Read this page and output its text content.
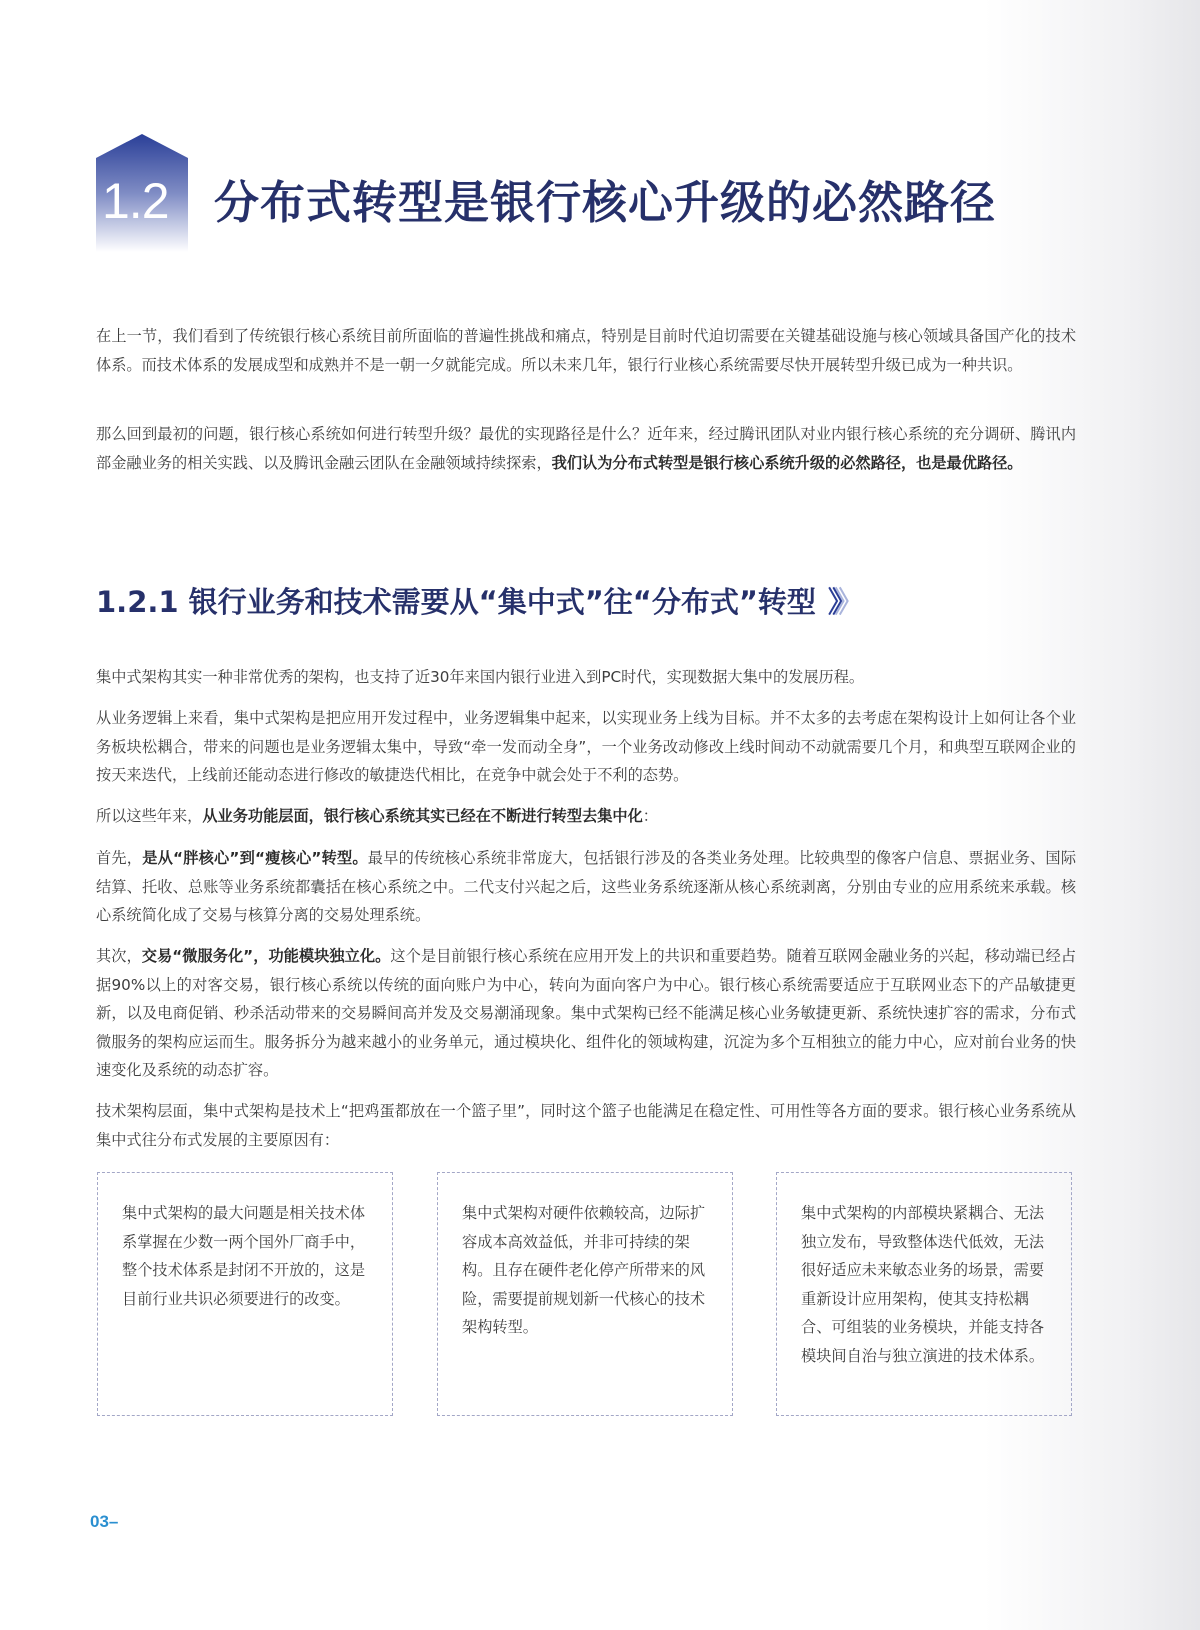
1.2 分布式转型是银行核心升级的必然路径
在上一节，我们看到了传统银行核心系统目前所面临的普遍性挑战和痛点，特别是目前时代迫切需要在关键基础设施与核心领域具备国产化的技术体系。而技术体系的发展成型和成熟并不是一朝一夕就能完成。所以未来几年，银行行业核心系统需要尽快开展转型升级已成为一种共识。
那么回到最初的问题，银行核心系统如何进行转型升级？最优的实现路径是什么？近年来，经过腾讯团队对业内银行核心系统的充分调研、腾讯内部金融业务的相关实践、以及腾讯金融云团队在金融领域持续探索，我们认为分布式转型是银行核心系统升级的必然路径，也是最优路径。
1.2.1 银行业务和技术需要从“集中式”往“分布式”转型 》》
集中式架构其实一种非常优秀的架构，也支持了近30年来国内银行业进入到PC时代，实现数据大集中的发展历程。
从业务逻辑上来看，集中式架构是把应用开发过程中，业务逻辑集中起来，以实现业务上线为目标。并不太多的去考虑在架构设计上如何让各个业务板块松耦合，带来的问题也是业务逻辑太集中，导致“牵一发而动全身”，一个业务改动修改上线时间动不动就需要几个月，和典型互联网企业的按天来迭代，上线前还能动态进行修改的敏捷迭代相比，在竞争中就会处于不利的态势。
所以这些年来，从业务功能层面，银行核心系统其实已经在不断进行转型去集中化：
首先，是从“胖核心”到“瘦核心”转型。最早的传统核心系统非常庞大，包括银行涉及的各类业务处理。比较典型的像客户信息、票据业务、国际结算、托收、总账等业务系统都囊括在核心系统之中。二代支付兴起之后，这些业务系统逐渐从核心系统剥离，分别由专业的应用系统来承载。核心系统简化成了交易与核算分离的交易处理系统。
其次，交易“微服务化”，功能模块独立化。这个是目前银行核心系统在应用开发上的共识和重要趋势。随着互联网金融业务的兴起，移动端已经占据90%以上的对客交易，银行核心系统以传统的面向账户为中心，转向为面向客户为中心。银行核心系统需要适应于互联网业态下的产品敏捷更新，以及电商促销、秒杀活动带来的交易瞬间高并发及交易潮涌现象。集中式架构已经不能满足核心业务敏捷更新、系统快速扩容的需求，分布式微服务的架构应运而生。服务拆分为越来越小的业务单元，通过模块化、组件化的领域构建，沉淀为多个互相独立的能力中心，应对前台业务的快速变化及系统的动态扩容。
技术架构层面，集中式架构是技术上“把鸡蛋都放在一个篮子里”，同时这个篮子也能满足在稳定性、可用性等各方面的要求。银行核心业务系统从集中式往分布式发展的主要原因有：
集中式架构的最大问题是相关技术体系掌握在少数一两个国外厂商手中，整个技术体系是封闭不开放的，这是目前行业共识必须要进行的改变。
集中式架构对硬件依赖较高，边际扩容成本高效益低，并非可持续的架构。且存在硬件老化停产所带来的风险，需要提前规划新一代核心的技术架构转型。
集中式架构的内部模块紧耦合、无法独立发布，导致整体迭代低效，无法很好适应未来敏态业务的场景，需要重新设计应用架构，使其支持松耦合、可组装的业务模块，并能支持各模块间自治与独立演进的技术体系。
03–
